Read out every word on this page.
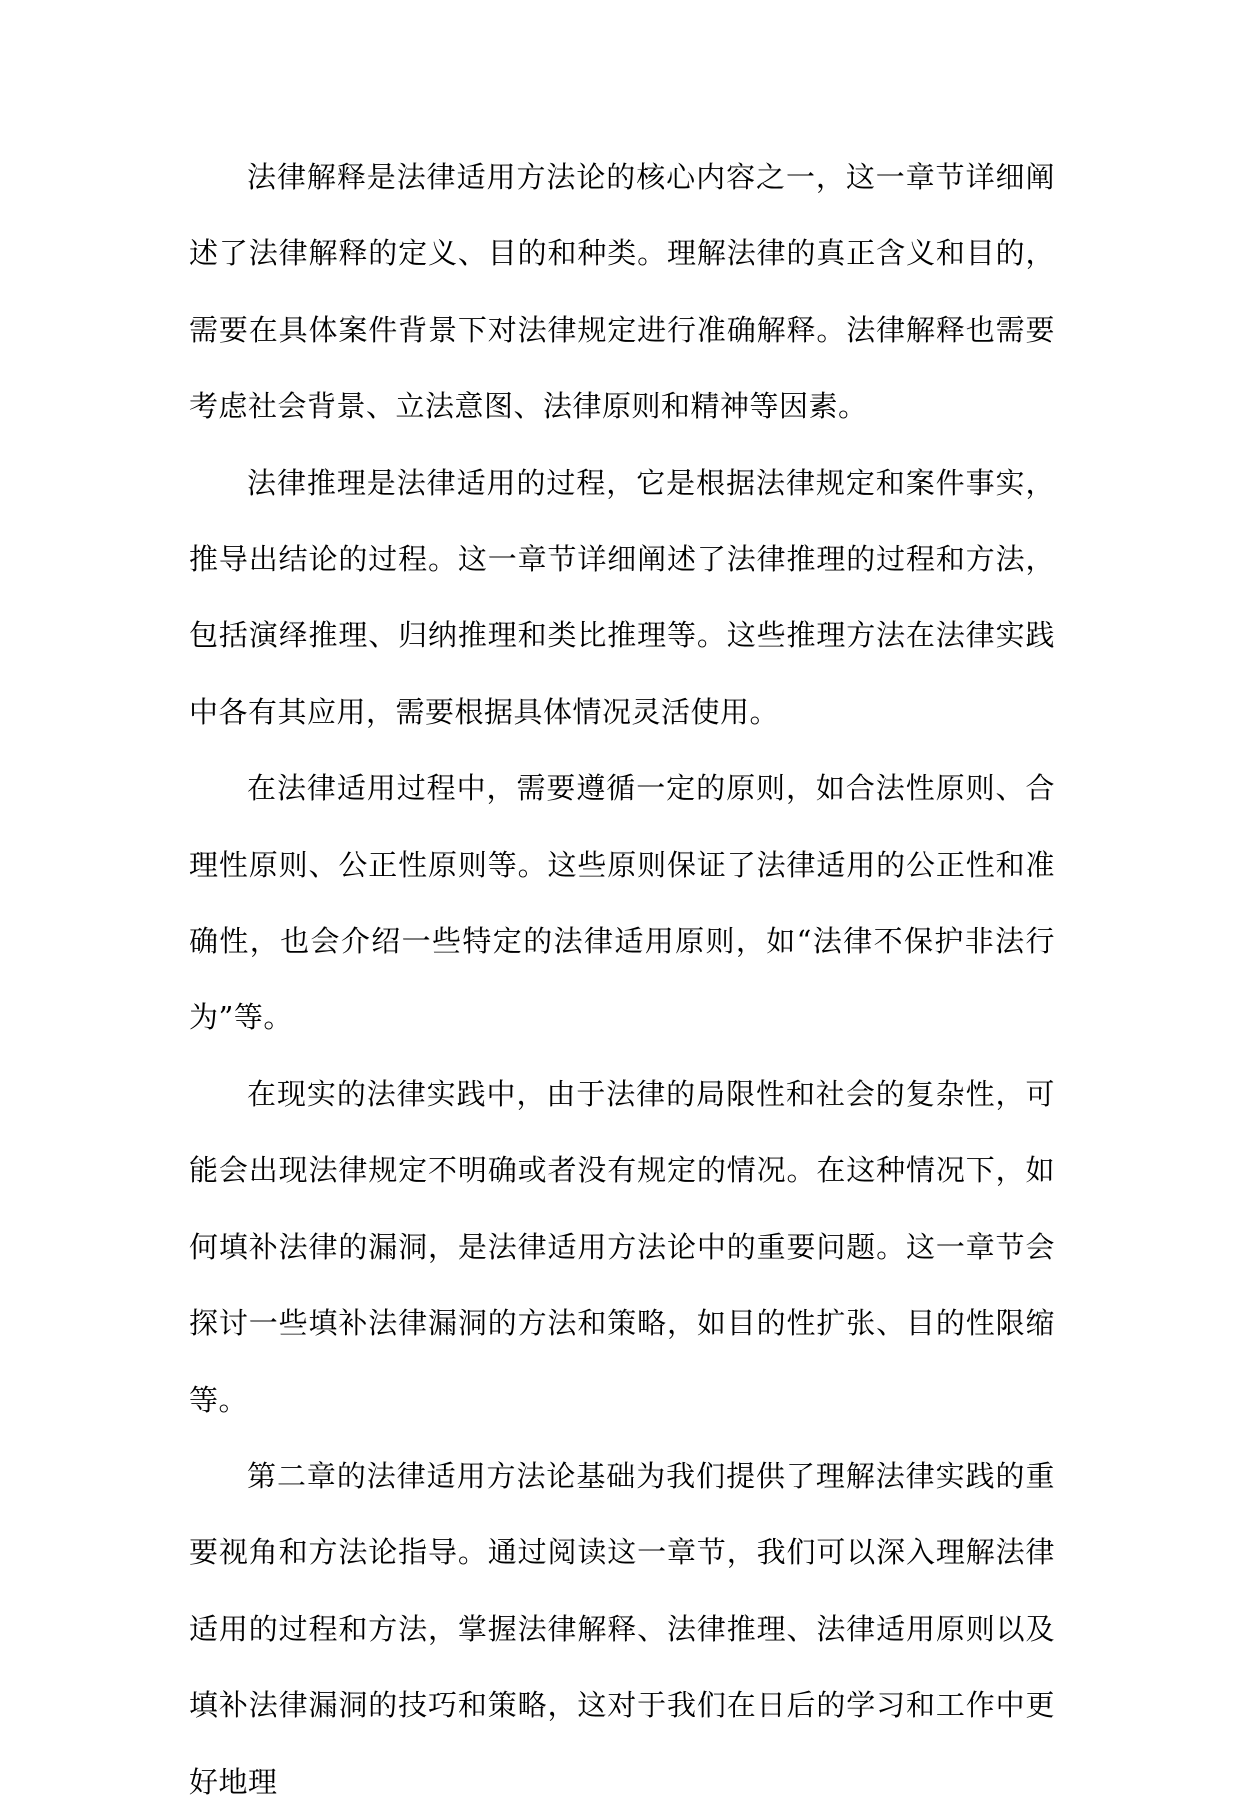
法律解释是法律适用方法论的核心内容之一，这一章节详细阐述了法律解释的定义、目的和种类。理解法律的真正含义和目的，需要在具体案件背景下对法律规定进行准确解释。法律解释也需要考虑社会背景、立法意图、法律原则和精神等因素。

法律推理是法律适用的过程，它是根据法律规定和案件事实，推导出结论的过程。这一章节详细阐述了法律推理的过程和方法，包括演绎推理、归纳推理和类比推理等。这些推理方法在法律实践中各有其应用，需要根据具体情况灵活使用。

在法律适用过程中，需要遵循一定的原则，如合法性原则、合理性原则、公正性原则等。这些原则保证了法律适用的公正性和准确性，也会介绍一些特定的法律适用原则，如“法律不保护非法行为”等。

在现实的法律实践中，由于法律的局限性和社会的复杂性，可能会出现法律规定不明确或者没有规定的情况。在这种情况下，如何填补法律的漏洞，是法律适用方法论中的重要问题。这一章节会探讨一些填补法律漏洞的方法和策略，如目的性扩张、目的性限缩等。

第二章的法律适用方法论基础为我们提供了理解法律实践的重要视角和方法论指导。通过阅读这一章节，我们可以深入理解法律适用的过程和方法，掌握法律解释、法律推理、法律适用原则以及填补法律漏洞的技巧和策略，这对于我们在日后的学习和工作中更好地理
